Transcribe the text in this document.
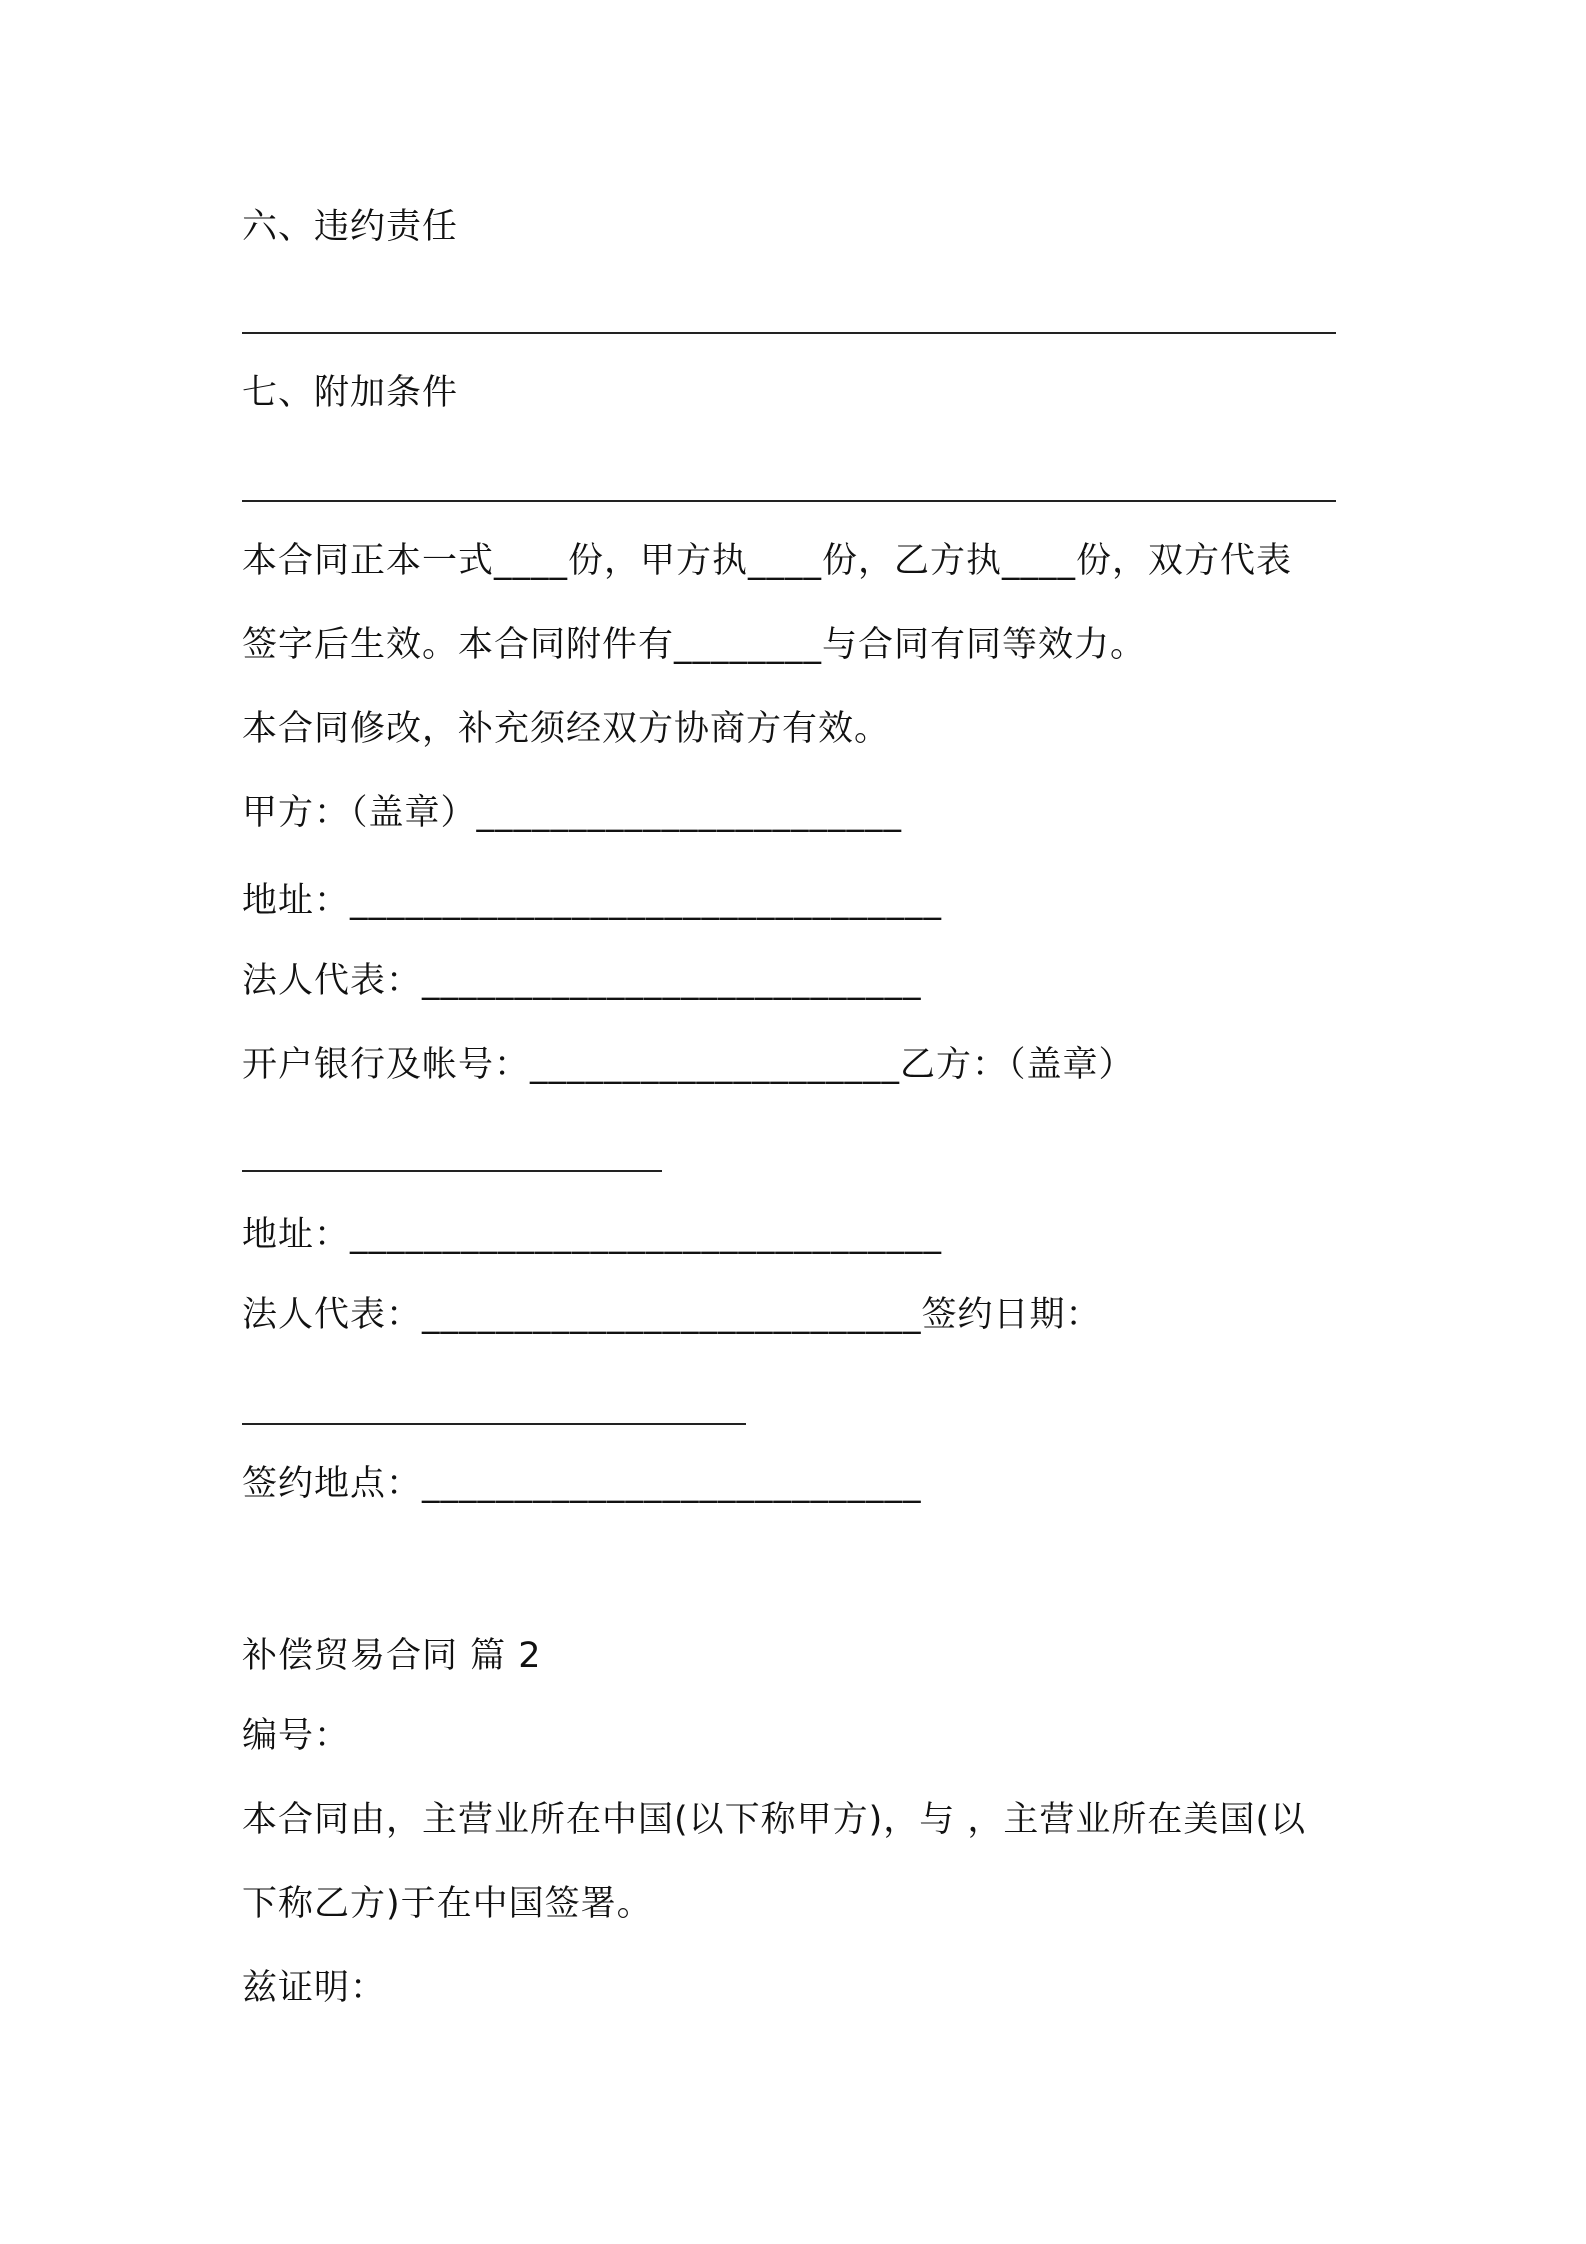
六、违约责任
七、附加条件
本合同正本一式____份，甲方执____份，乙方执____份，双方代表
签字后生效。本合同附件有________与合同有同等效力。
本合同修改，补充须经双方协商方有效。
甲方：（盖章）_______________________
地址：________________________________
法人代表：___________________________
开户银行及帐号：____________________乙方：（盖章）
地址：________________________________
法人代表：___________________________签约日期：
签约地点：___________________________
补偿贸易合同 篇 2
编号：
本合同由，主营业所在中国(以下称甲方)，与 ，主营业所在美国(以
下称乙方)于在中国签署。
兹证明：
